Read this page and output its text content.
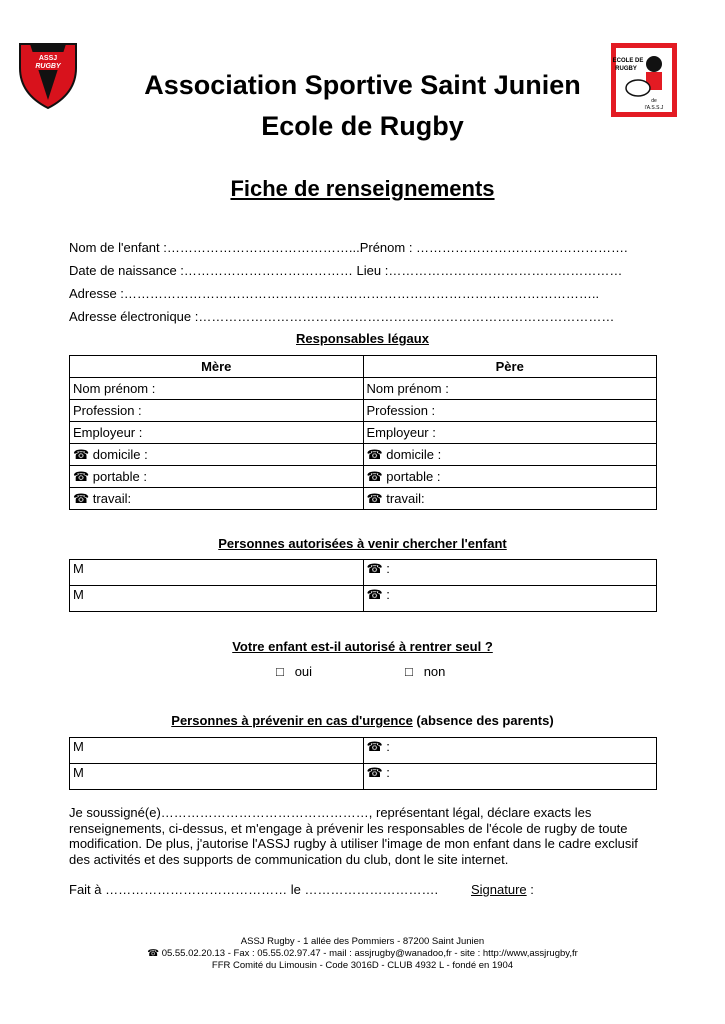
ASSJ
RUGBY
ECOLE DE
RUGBY
de
l'A.S.S.J
Association Sportive Saint Junien
Ecole de Rugby
Fiche de renseignements
Nom de l'enfant :……………………………………...Prénom : ………………………………………….
Date de naissance :………………………………… Lieu :………………………………………………
Adresse :………………………………………………………………………………………………..
Adresse électronique :……………………………………………………………………………………
Responsables légaux
Mère	Père
Nom prénom :	Nom prénom :
Profession :	Profession :
Employeur :	Employeur :
☎ domicile :	☎ domicile :
☎ portable :	☎ portable :
☎ travail:	☎ travail:
Personnes autorisées à venir chercher l'enfant
M	☎ :
M	☎ :
Votre enfant est-il autorisé à rentrer seul ?
□ oui	□ non
Personnes à prévenir en cas d'urgence (absence des parents)
M	☎ :
M	☎ :
Je soussigné(e)…………………………………………, représentant légal, déclare exacts les
renseignements, ci-dessus, et m'engage à prévenir les responsables de l'école de rugby de toute
modification. De plus, j'autorise l'ASSJ rugby à utiliser l'image de mon enfant dans le cadre exclusif
des activités et des supports de communication du club, dont le site internet.
Fait à …………………………………… le ………………………….	Signature :
ASSJ Rugby - 1 allée des Pommiers - 87200 Saint Junien
☎ 05.55.02.20.13 - Fax : 05.55.02.97.47 - mail : assjrugby@wanadoo,fr - site : http://www,assjrugby,fr
FFR Comité du Limousin - Code 3016D - CLUB 4932 L - fondé en 1904
